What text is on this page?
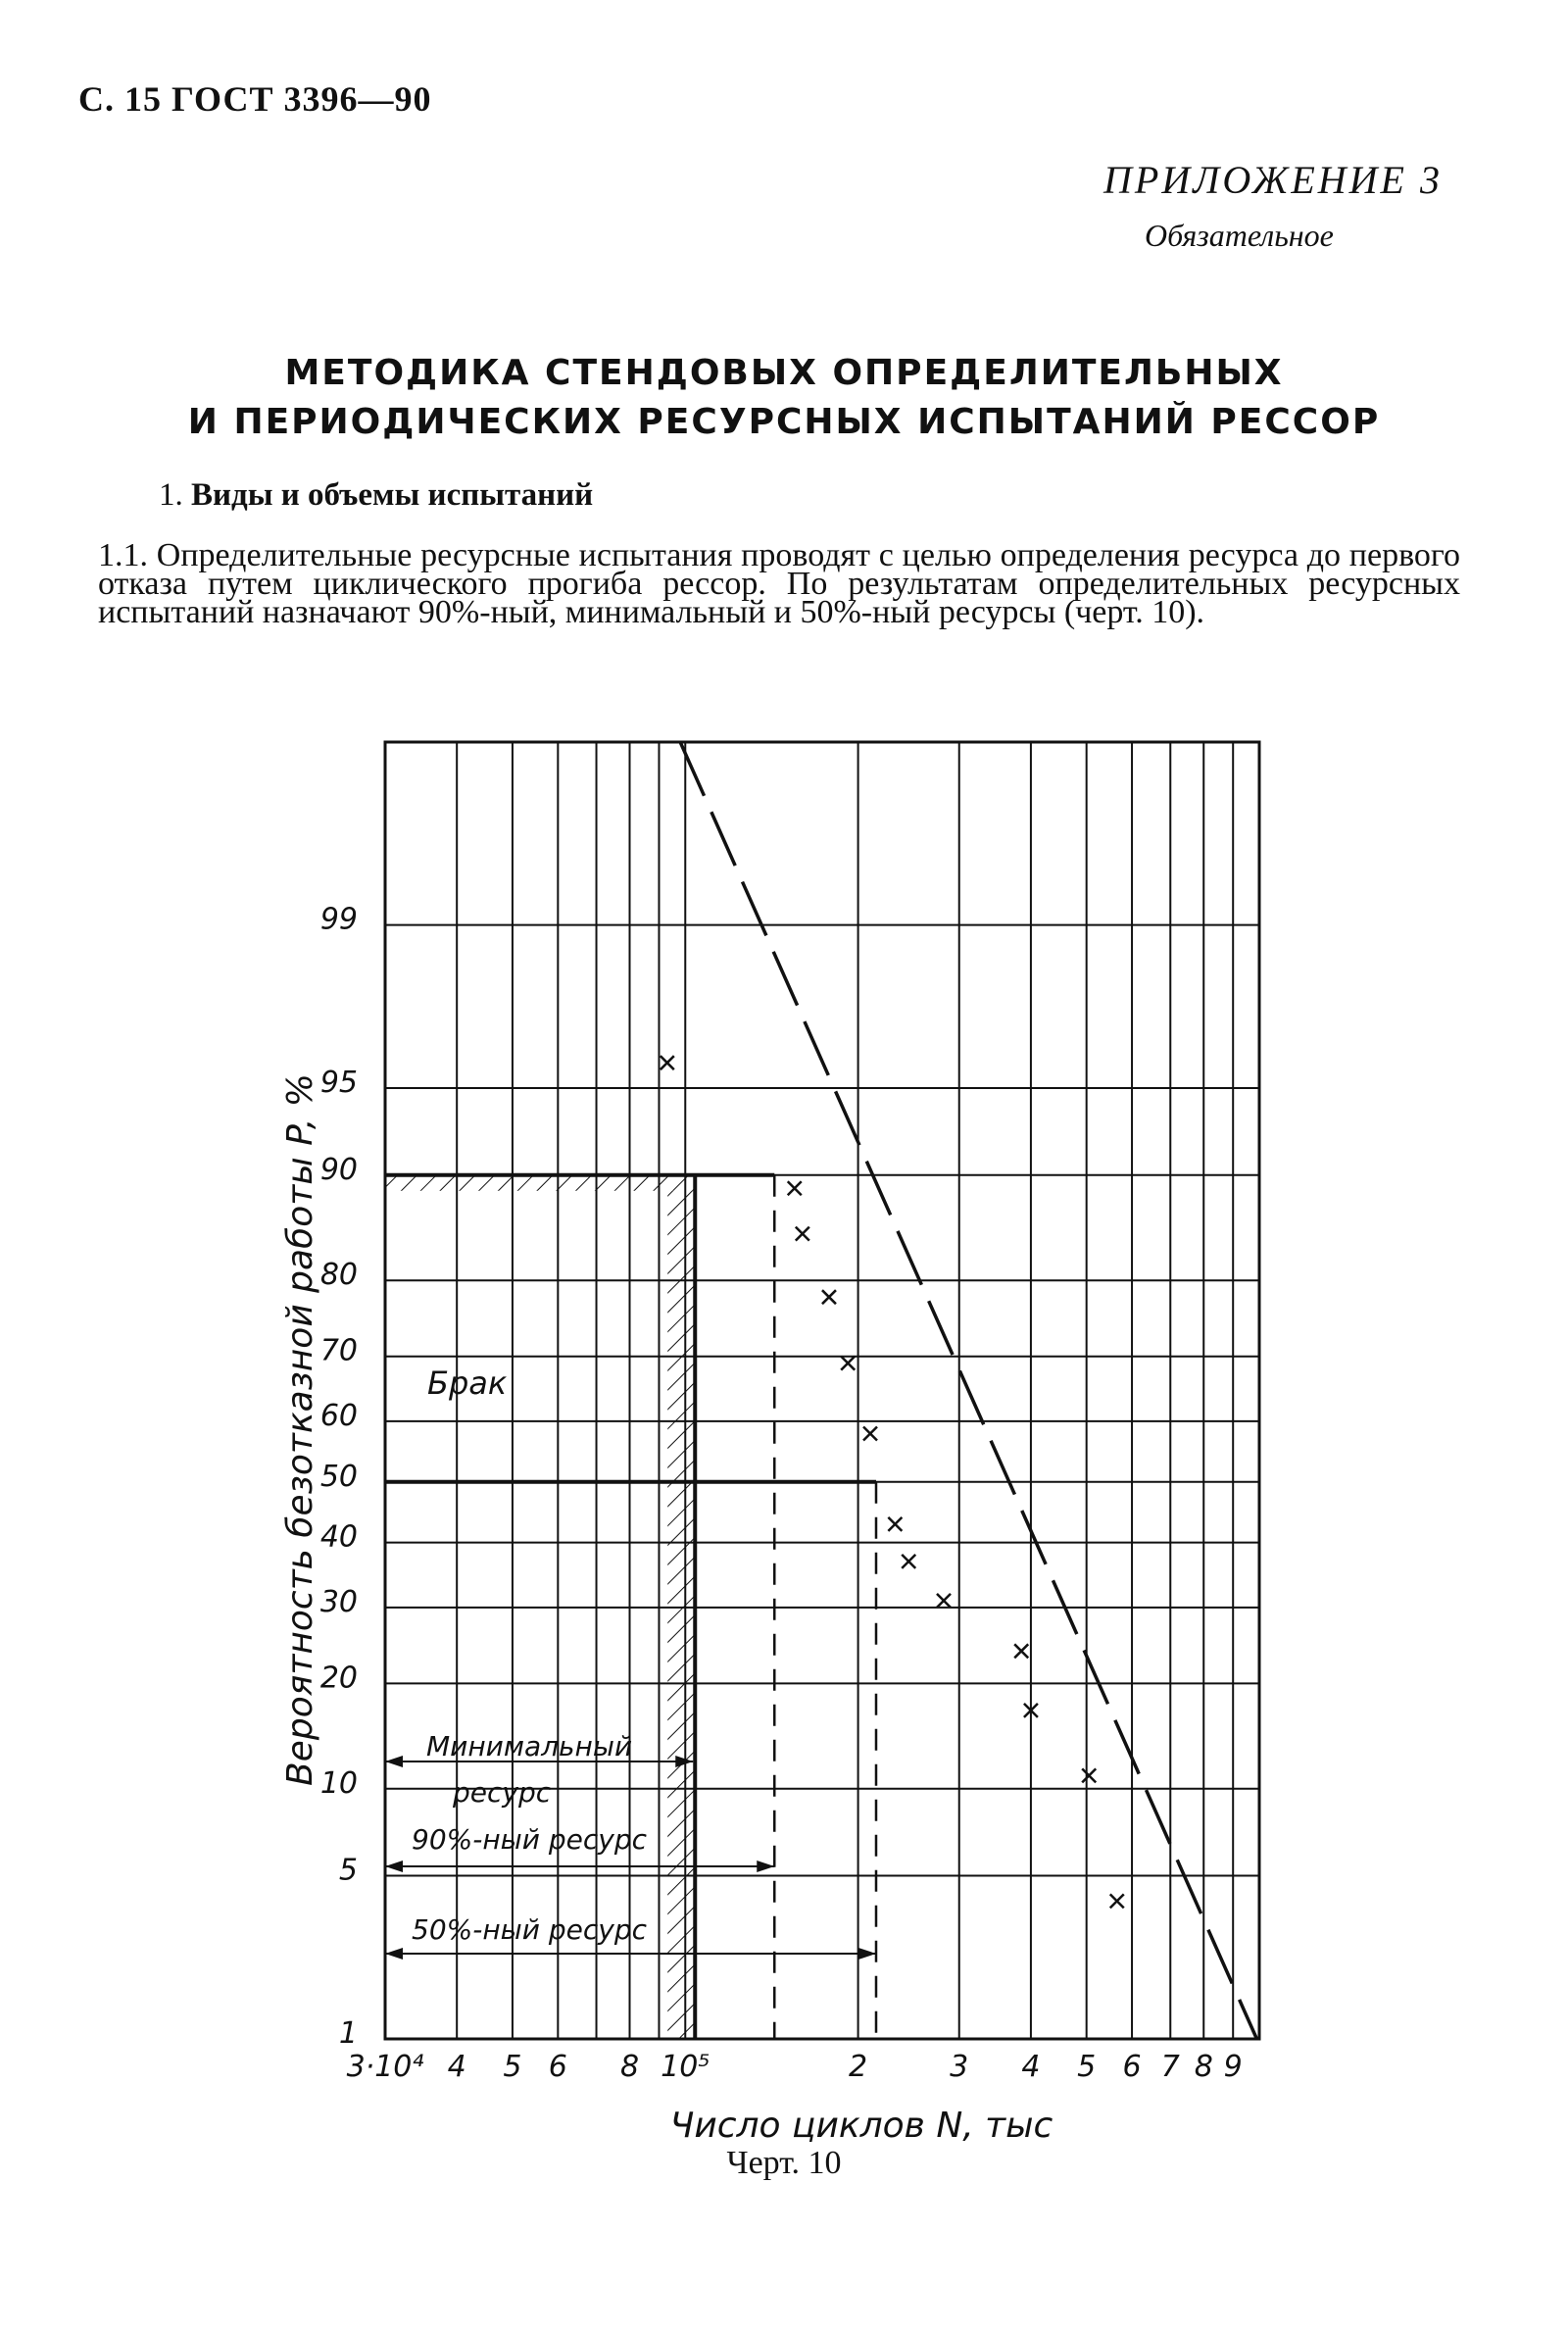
С. 15 ГОСТ 3396—90
ПРИЛОЖЕНИЕ 3
Обязательное
МЕТОДИКА СТЕНДОВЫХ ОПРЕДЕЛИТЕЛЬНЫХ
И ПЕРИОДИЧЕСКИХ РЕСУРСНЫХ ИСПЫТАНИЙ РЕССОР
1. Виды и объемы испытаний
1.1. Определительные ресурсные испытания проводят с целью определения ресурса до первого отказа путем циклического прогиба рессор. По результатам определительных ресурсных испытаний назначают 90%-ный, минимальный и 50%-ный ресурсы (черт. 10).
3·10⁴ 4 5 6 8 10⁵	2	3 4 5 6 7 8 9
99
95
90
80
70
60
50
40
30
20
10
5
1
Брак
Минимальный
ресурс
90%-ный ресурс
50%-ный ресурс
Число циклов N, тыс
Вероятность безотказной работы P, %
Черт. 10
